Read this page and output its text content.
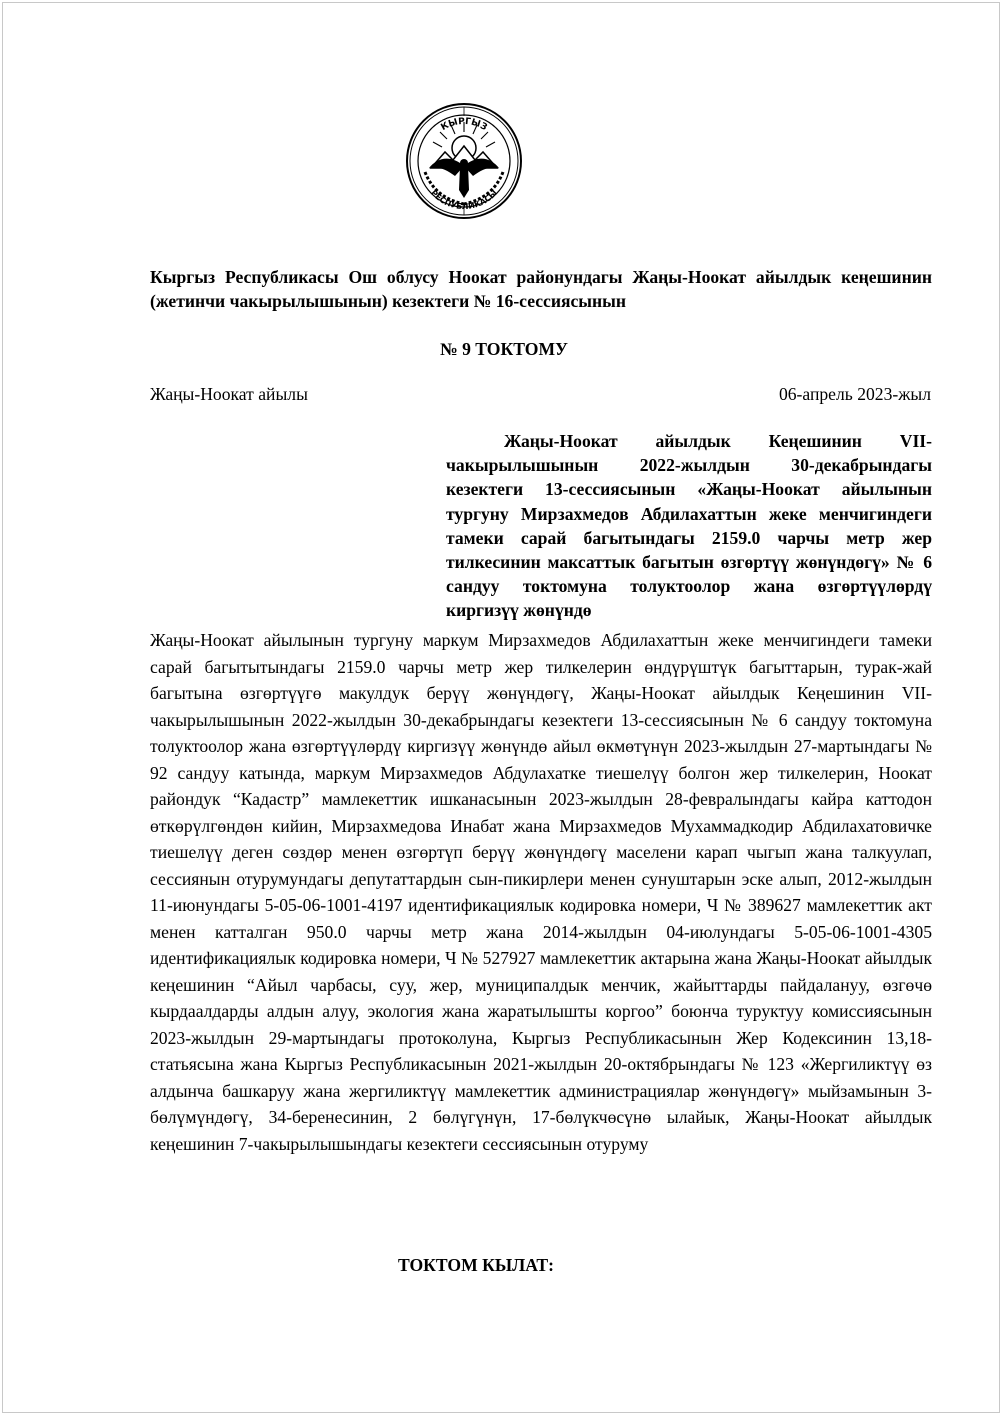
КЫРГЫЗ
РЕСПУБЛИКАСЫ
Кыргыз Республикасы Ош облусу Ноокат районундагы Жаңы-Ноокат айылдык кеңешинин (жетинчи чакырылышынын) кезектеги № 16-сессиясынын
№ 9 ТОКТОМУ
Жаңы-Ноокат айылы	06-апрель 2023-жыл
Жаңы-Ноокат айылдык Кеңешинин VII-чакырылышынын 2022-жылдын 30-декабрындагы кезектеги 13-сессиясынын «Жаңы-Ноокат айылынын тургуну Мирзахмедов Абдилахаттын жеке менчигиндеги тамеки сарай багытындагы 2159.0 чарчы метр жер тилкесинин максаттык багытын өзгөртүү жөнүндөгү» № 6 сандуу токтомуна толуктоолор жана өзгөртүүлөрдү киргизүү жөнүндө
Жаңы-Ноокат айылынын тургуну маркум Мирзахмедов Абдилахаттын жеке менчигиндеги тамеки сарай багытытындагы 2159.0 чарчы метр жер тилкелерин өндүрүштүк багыттарын, турак-жай багытына өзгөртүүгө макулдук берүү жөнүндөгү, Жаңы-Ноокат айылдык Кеңешинин VII- чакырылышынын 2022-жылдын 30-декабрындагы кезектеги 13-сессиясынын № 6 сандуу токтомуна толуктоолор жана өзгөртүүлөрдү киргизүү жөнүндө айыл өкмөтүнүн 2023-жылдын 27-мартындагы № 92 сандуу катында, маркум Мирзахмедов Абдулахатке тиешелүү болгон жер тилкелерин, Ноокат райондук “Кадастр” мамлекеттик ишканасынын 2023-жылдын 28-февралындагы кайра каттодон өткөрүлгөндөн кийин, Мирзахмедова Инабат жана Мирзахмедов Мухаммадкодир Абдилахатовичке тиешелүү деген сөздөр менен өзгөртүп берүү жөнүндөгү маселени карап чыгып жана талкуулап, сессиянын отурумундагы депутаттардын сын-пикирлери менен сунуштарын эске алып, 2012-жылдын 11-июнундагы 5-05-06-1001-4197 идентификациялык кодировка номери, Ч № 389627 мамлекеттик акт менен катталган 950.0 чарчы метр жана 2014-жылдын 04-июлундагы 5-05-06-1001-4305 идентификациялык кодировка номери, Ч № 527927 мамлекеттик актарына жана Жаңы-Ноокат айылдык кеңешинин “Айыл чарбасы, суу, жер, муниципалдык менчик, жайыттарды пайдалануу, өзгөчө кырдаалдарды алдын алуу, экология жана жаратылышты коргоо” боюнча туруктуу комиссиясынын 2023-жылдын 29-мартындагы протоколуна, Кыргыз Республикасынын Жер Кодексинин 13,18-статьясына жана Кыргыз Республикасынын 2021-жылдын 20-октябрындагы № 123 «Жергиликтүү өз алдынча башкаруу жана жергиликтүү мамлекеттик администрациялар жөнүндөгү» мыйзамынын 3-бөлүмүндөгү, 34-беренесинин, 2 бөлүгүнүн, 17-бөлүкчөсүнө ылайык, Жаңы-Ноокат айылдык кеңешинин 7-чакырылышындагы кезектеги сессиясынын отуруму
ТОКТОМ КЫЛАТ:
